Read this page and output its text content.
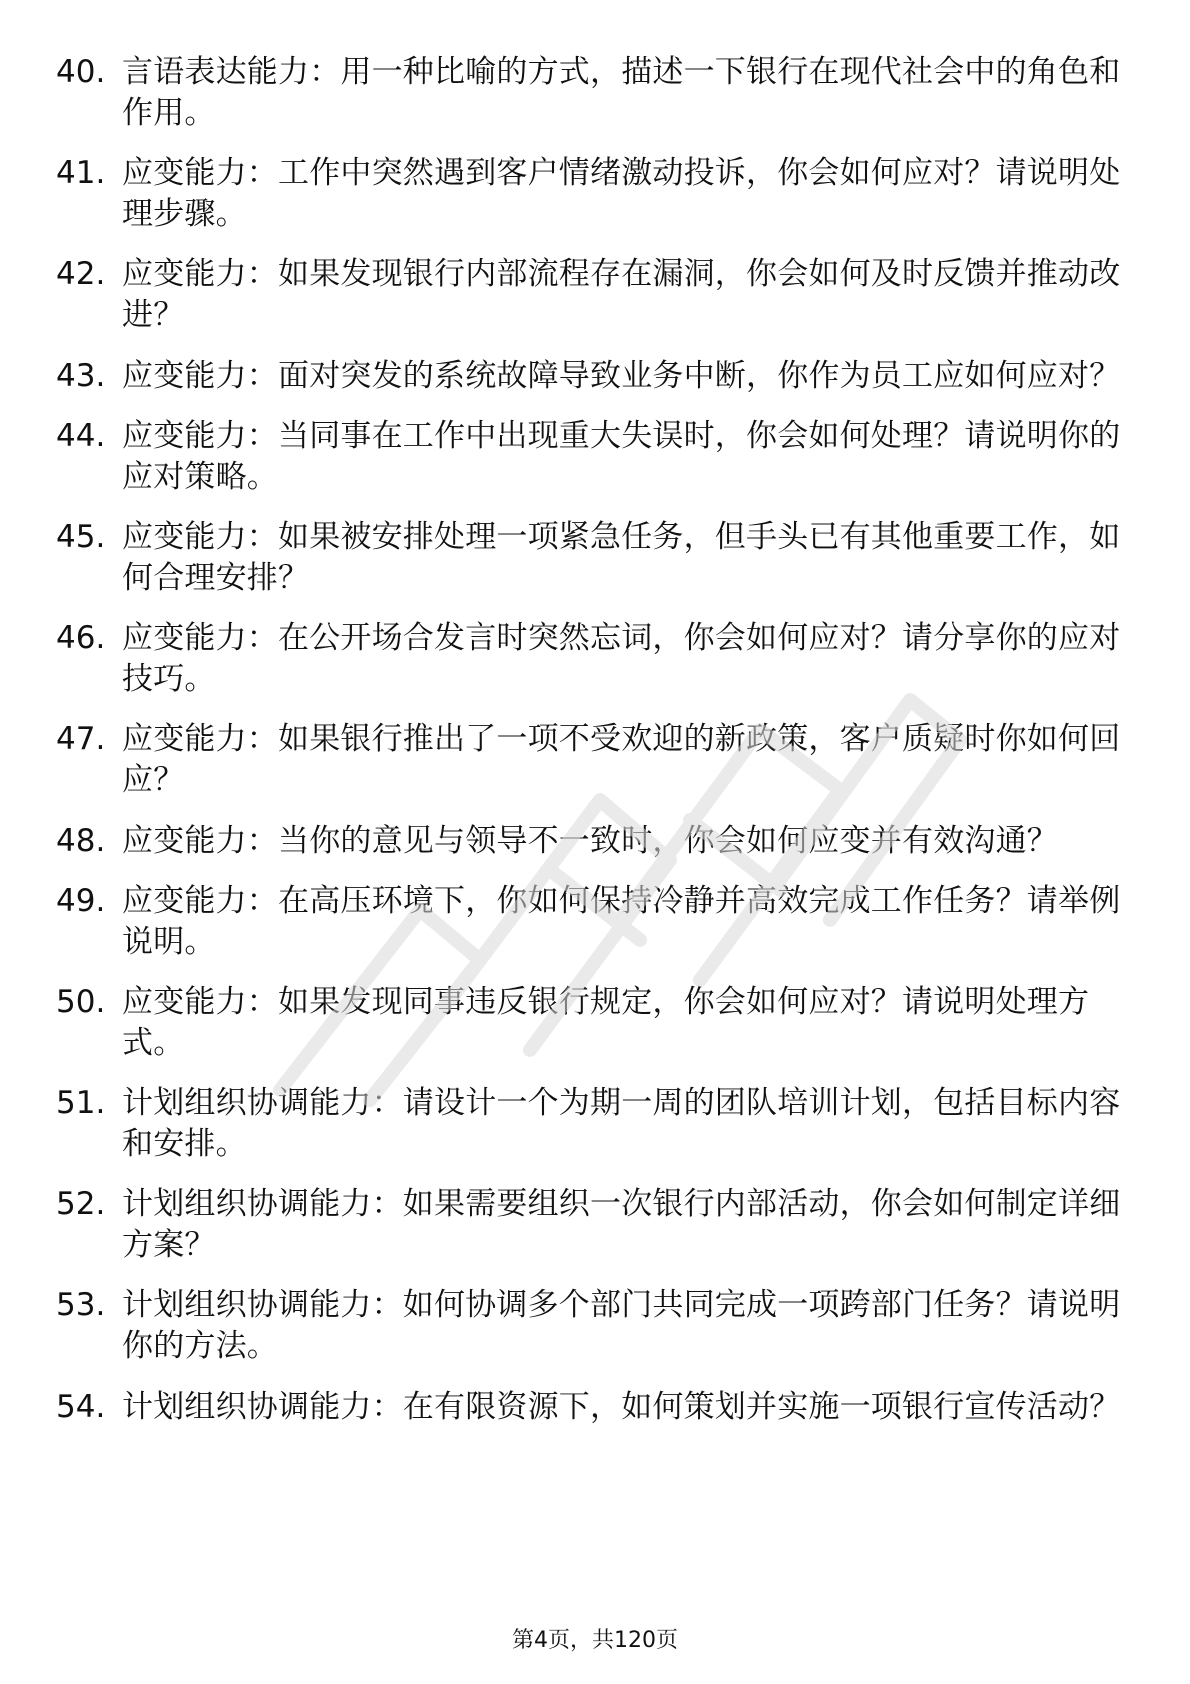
40. 言语表达能力：用一种比喻的方式，描述一下银行在现代社会中的角色和作用。
41. 应变能力：工作中突然遇到客户情绪激动投诉，你会如何应对？请说明处理步骤。
42. 应变能力：如果发现银行内部流程存在漏洞，你会如何及时反馈并推动改进？
43. 应变能力：面对突发的系统故障导致业务中断，你作为员工应如何应对？
44. 应变能力：当同事在工作中出现重大失误时，你会如何处理？请说明你的应对策略。
45. 应变能力：如果被安排处理一项紧急任务，但手头已有其他重要工作，如何合理安排？
46. 应变能力：在公开场合发言时突然忘词，你会如何应对？请分享你的应对技巧。
47. 应变能力：如果银行推出了一项不受欢迎的新政策，客户质疑时你如何回应？
48. 应变能力：当你的意见与领导不一致时，你会如何应变并有效沟通？
49. 应变能力：在高压环境下，你如何保持冷静并高效完成工作任务？请举例说明。
50. 应变能力：如果发现同事违反银行规定，你会如何应对？请说明处理方式。
51. 计划组织协调能力：请设计一个为期一周的团队培训计划，包括目标内容和安排。
52. 计划组织协调能力：如果需要组织一次银行内部活动，你会如何制定详细方案？
53. 计划组织协调能力：如何协调多个部门共同完成一项跨部门任务？请说明你的方法。
54. 计划组织协调能力：在有限资源下，如何策划并实施一项银行宣传活动？
第4页，共120页
